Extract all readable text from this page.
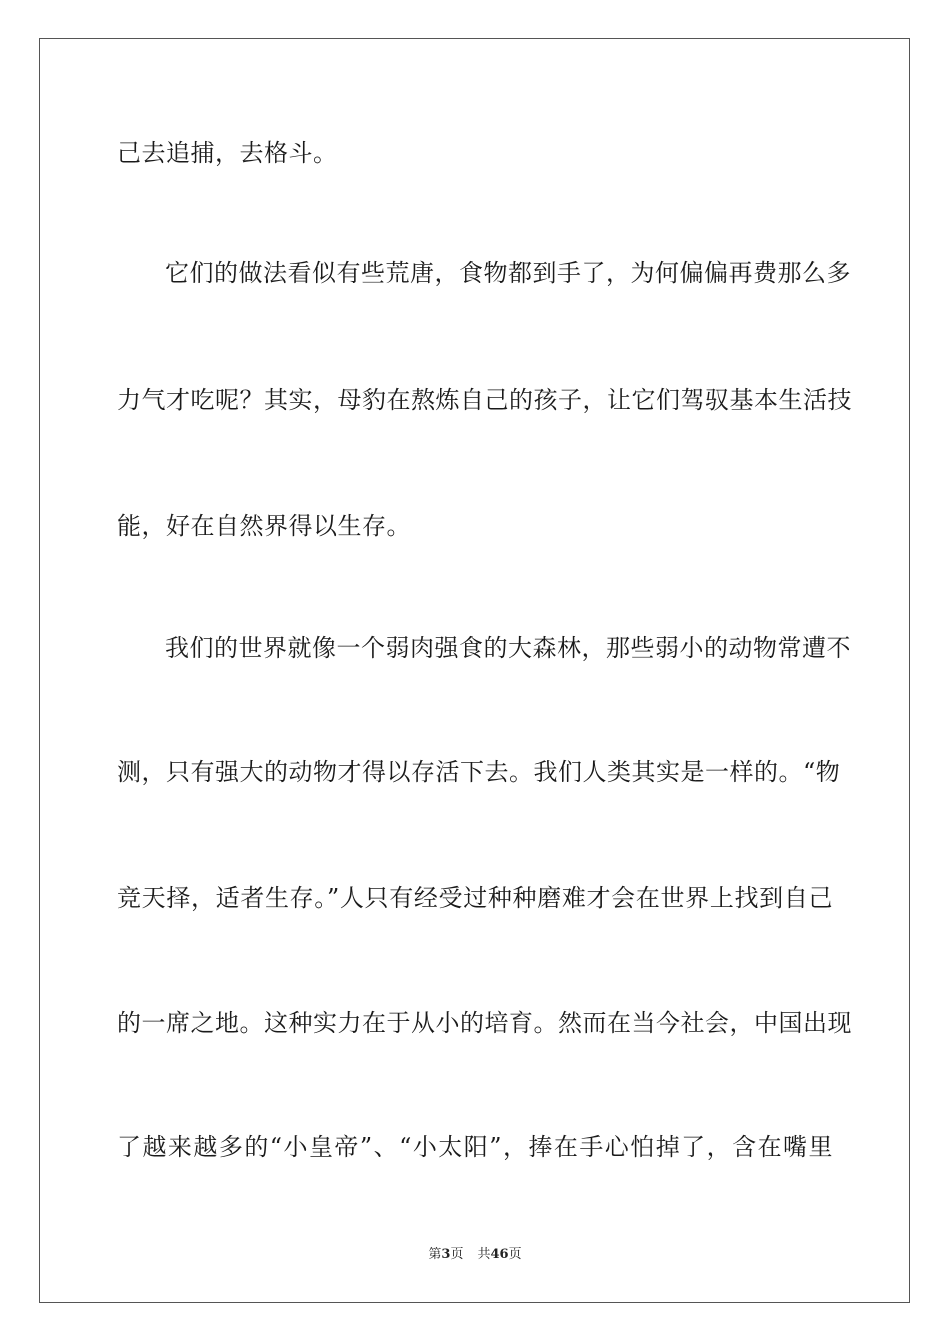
己去追捕，去格斗。
它们的做法看似有些荒唐，食物都到手了，为何偏偏再费那么多
力气才吃呢？其实，母豹在熬炼自己的孩子，让它们驾驭基本生活技
能，好在自然界得以生存。
我们的世界就像一个弱肉强食的大森林，那些弱小的动物常遭不
测，只有强大的动物才得以存活下去。我们人类其实是一样的。“物
竞天择，适者生存。”人只有经受过种种磨难才会在世界上找到自己
的一席之地。这种实力在于从小的培育。然而在当今社会，中国出现
了越来越多的“小皇帝”、“小太阳”，捧在手心怕掉了，含在嘴里
第3页 共46页
